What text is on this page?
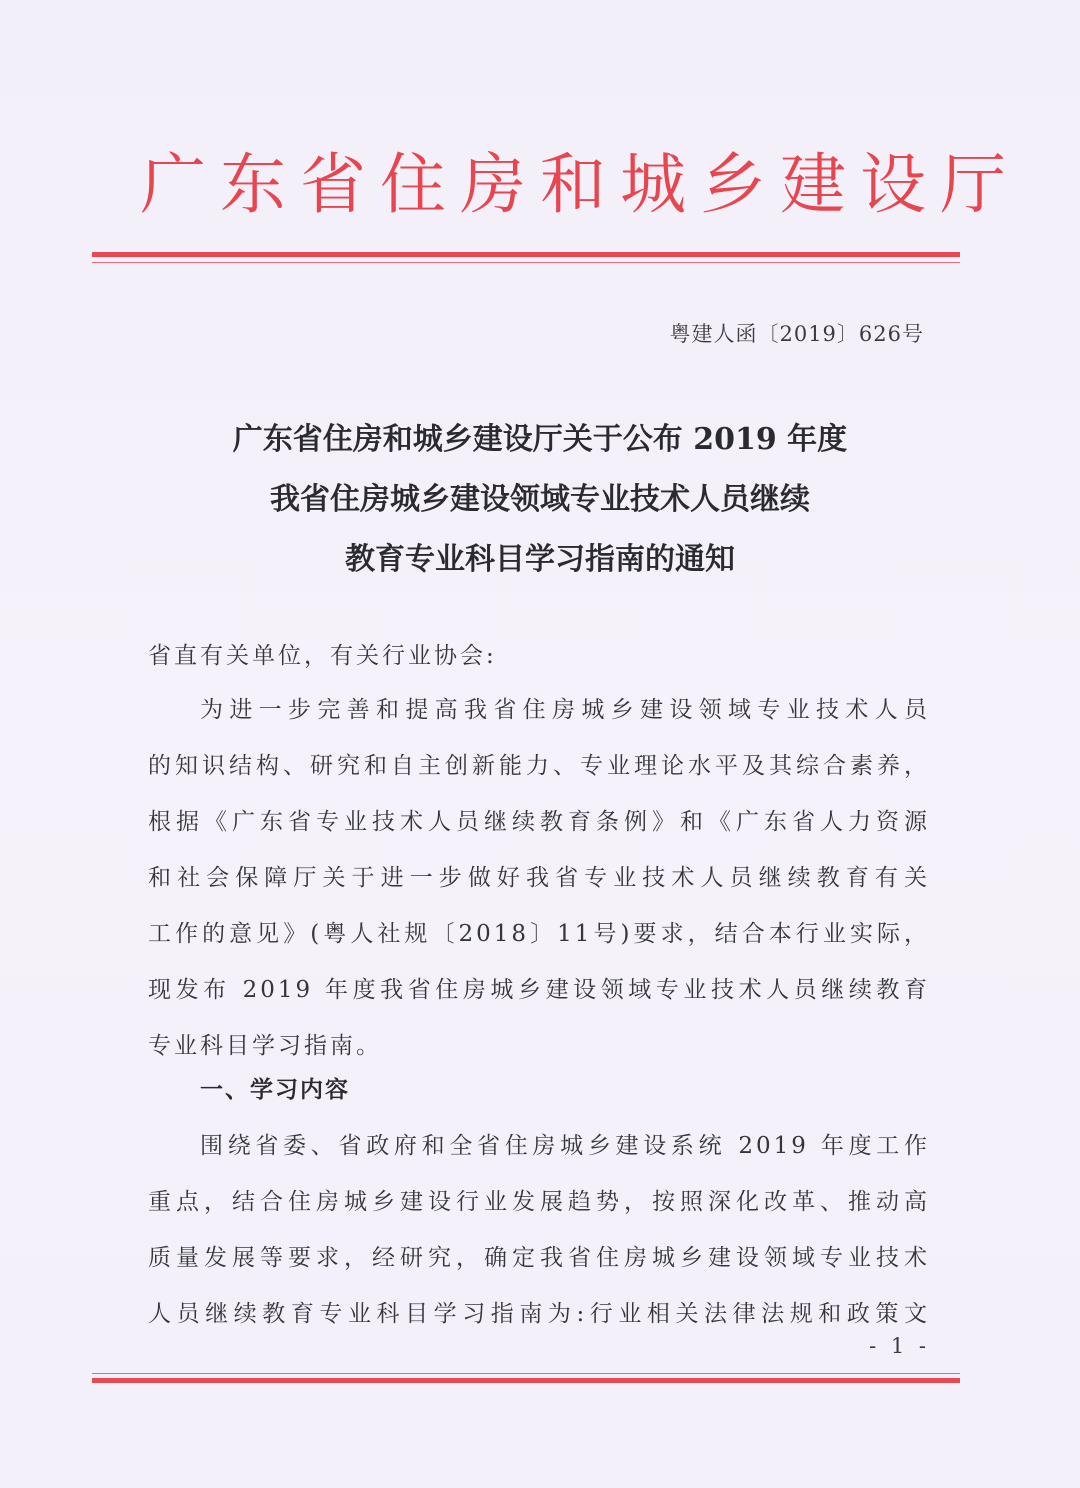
广东省住房和城乡建设厅
粤建人函〔2019〕626号
广东省住房和城乡建设厅关于公布 2019 年度
我省住房城乡建设领域专业技术人员继续
教育专业科目学习指南的通知
省直有关单位，有关行业协会:
为进一步完善和提高我省住房城乡建设领域专业技术人员
的知识结构、研究和自主创新能力、专业理论水平及其综合素养，
根据《广东省专业技术人员继续教育条例》和《广东省人力资源
和社会保障厅关于进一步做好我省专业技术人员继续教育有关
工作的意见》(粤人社规〔2018〕11号)要求，结合本行业实际，
现发布 2019 年度我省住房城乡建设领域专业技术人员继续教育
专业科目学习指南。
一、学习内容
围绕省委、省政府和全省住房城乡建设系统 2019 年度工作
重点，结合住房城乡建设行业发展趋势，按照深化改革、推动高
质量发展等要求，经研究，确定我省住房城乡建设领域专业技术
人员继续教育专业科目学习指南为:行业相关法律法规和政策文
- 1 -
